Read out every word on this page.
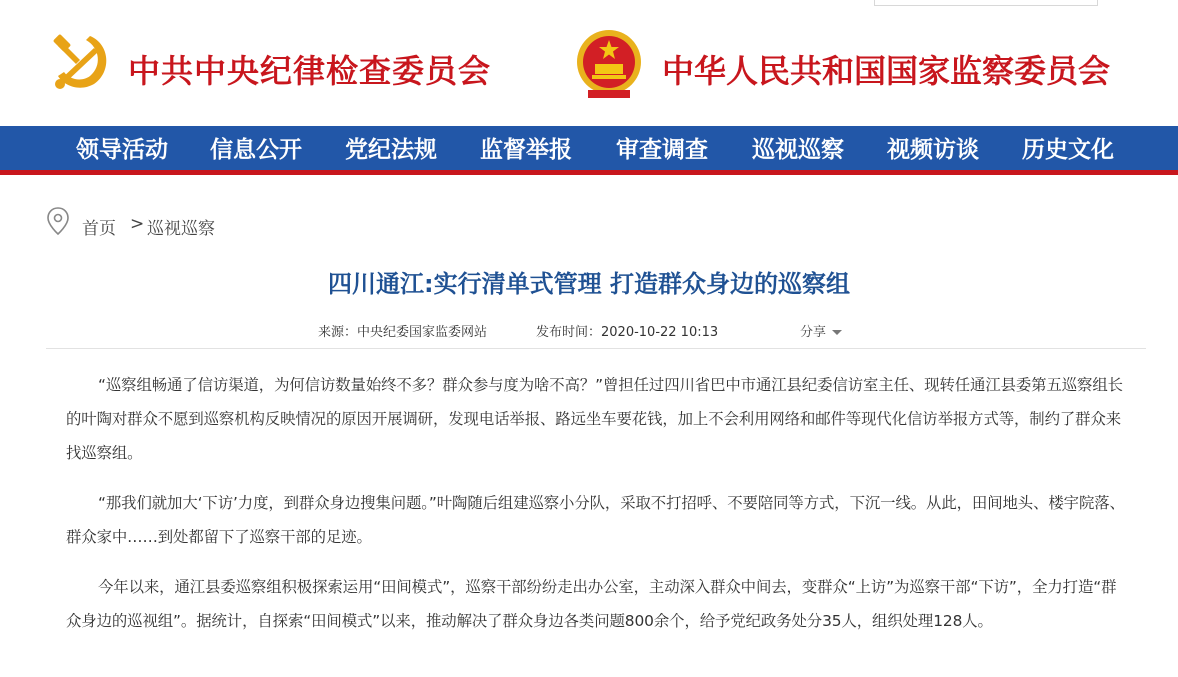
中共中央纪律检查委员会	中华人民共和国国家监察委员会
领导活动 信息公开 党纪法规 监督举报 审查调查 巡视巡察 视频访谈 历史文化
首页 > 巡视巡察
四川通江:实行清单式管理 打造群众身边的巡察组
来源：中央纪委国家监委网站	发布时间：2020-10-22 10:13	分享

“巡察组畅通了信访渠道，为何信访数量始终不多？群众参与度为啥不高？”曾担任过四川省巴中市通江县纪委信访室主任、现转任通江县委第五巡察组长的叶陶对群众不愿到巡察机构反映情况的原因开展调研，发现电话举报、路远坐车要花钱，加上不会利用网络和邮件等现代化信访举报方式等，制约了群众来找巡察组。

“那我们就加大‘下访’力度，到群众身边搜集问题。”叶陶随后组建巡察小分队，采取不打招呼、不要陪同等方式，下沉一线。从此，田间地头、楼宇院落、群众家中……到处都留下了巡察干部的足迹。

今年以来，通江县委巡察组积极探索运用“田间模式”，巡察干部纷纷走出办公室，主动深入群众中间去，变群众“上访”为巡察干部“下访”，全力打造“群众身边的巡视组”。据统计，自探索“田间模式”以来，推动解决了群众身边各类问题800余个，给予党纪政务处分35人，组织处理128人。
